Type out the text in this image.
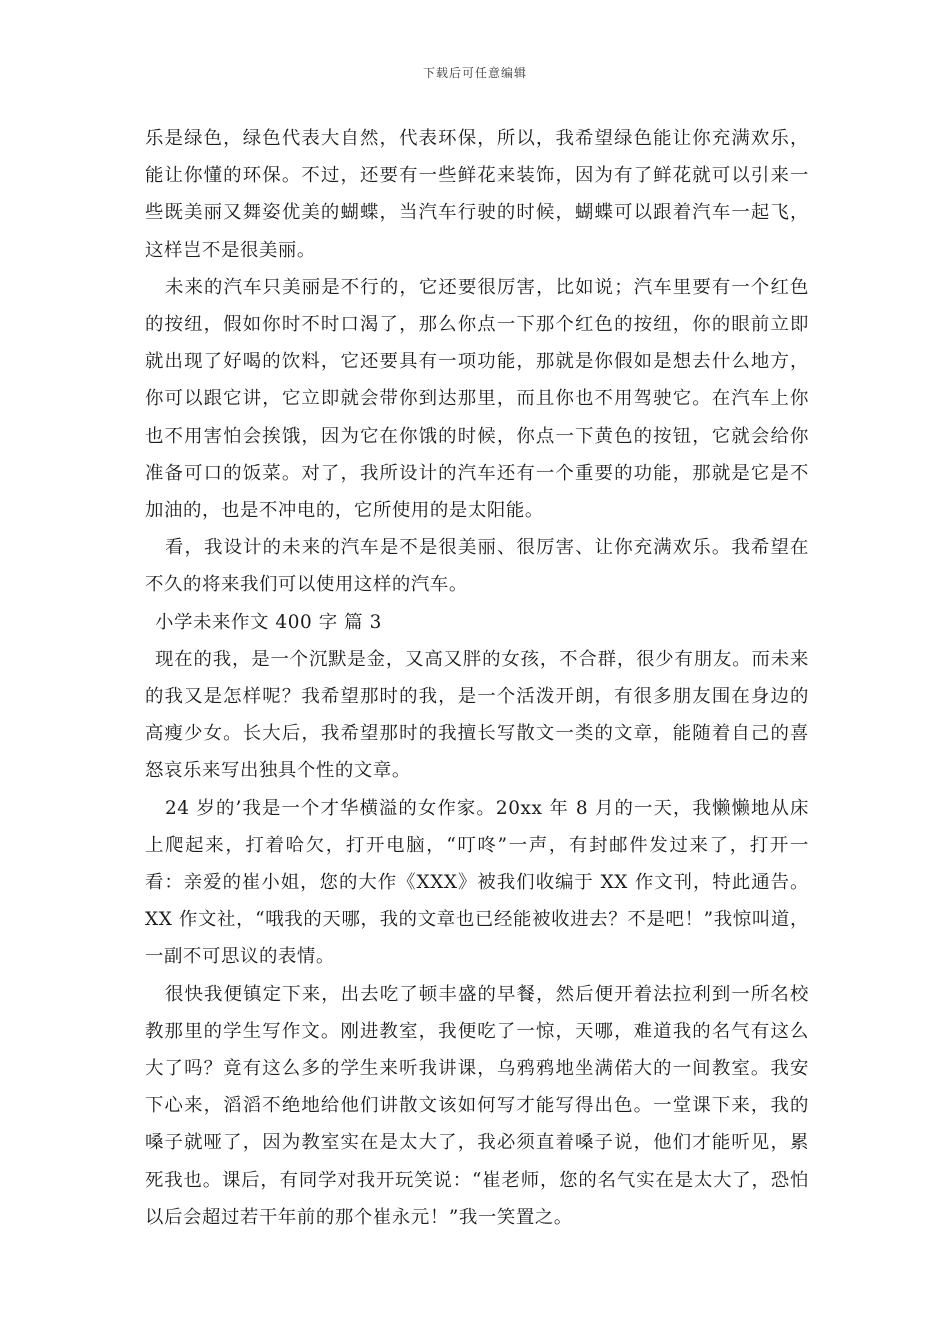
下载后可任意编辑

乐是绿色，绿色代表大自然，代表环保，所以，我希望绿色能让你充满欢乐，能让你懂的环保。不过，还要有一些鲜花来装饰，因为有了鲜花就可以引来一些既美丽又舞姿优美的蝴蝶，当汽车行驶的时候，蝴蝶可以跟着汽车一起飞，这样岂不是很美丽。

未来的汽车只美丽是不行的，它还要很厉害，比如说；汽车里要有一个红色的按纽，假如你时不时口渴了，那么你点一下那个红色的按纽，你的眼前立即就出现了好喝的饮料，它还要具有一项功能，那就是你假如是想去什么地方，你可以跟它讲，它立即就会带你到达那里，而且你也不用驾驶它。在汽车上你也不用害怕会挨饿，因为它在你饿的时候，你点一下黄色的按钮，它就会给你准备可口的饭菜。对了，我所设计的汽车还有一个重要的功能，那就是它是不加油的，也是不冲电的，它所使用的是太阳能。

看，我设计的未来的汽车是不是很美丽、很厉害、让你充满欢乐。我希望在不久的将来我们可以使用这样的汽车。

小学未来作文 400 字 篇 3

现在的我，是一个沉默是金，又高又胖的女孩，不合群，很少有朋友。而未来的我又是怎样呢？我希望那时的我，是一个活泼开朗，有很多朋友围在身边的高瘦少女。长大后，我希望那时的我擅长写散文一类的文章，能随着自己的喜怒哀乐来写出独具个性的文章。

24 岁的’我是一个才华横溢的女作家。20xx 年 8 月的一天，我懒懒地从床上爬起来，打着哈欠，打开电脑，“叮咚”一声，有封邮件发过来了，打开一看：亲爱的崔小姐，您的大作《XXX》被我们收编于 XX 作文刊，特此通告。XX 作文社，“哦我的天哪，我的文章也已经能被收进去？不是吧！”我惊叫道，一副不可思议的表情。

很快我便镇定下来，出去吃了顿丰盛的早餐，然后便开着法拉利到一所名校教那里的学生写作文。刚进教室，我便吃了一惊，天哪，难道我的名气有这么大了吗？竟有这么多的学生来听我讲课，乌鸦鸦地坐满偌大的一间教室。我安下心来，滔滔不绝地给他们讲散文该如何写才能写得出色。一堂课下来，我的嗓子就哑了，因为教室实在是太大了，我必须直着嗓子说，他们才能听见，累死我也。课后，有同学对我开玩笑说：“崔老师，您的名气实在是太大了，恐怕以后会超过若干年前的那个崔永元！”我一笑置之。
